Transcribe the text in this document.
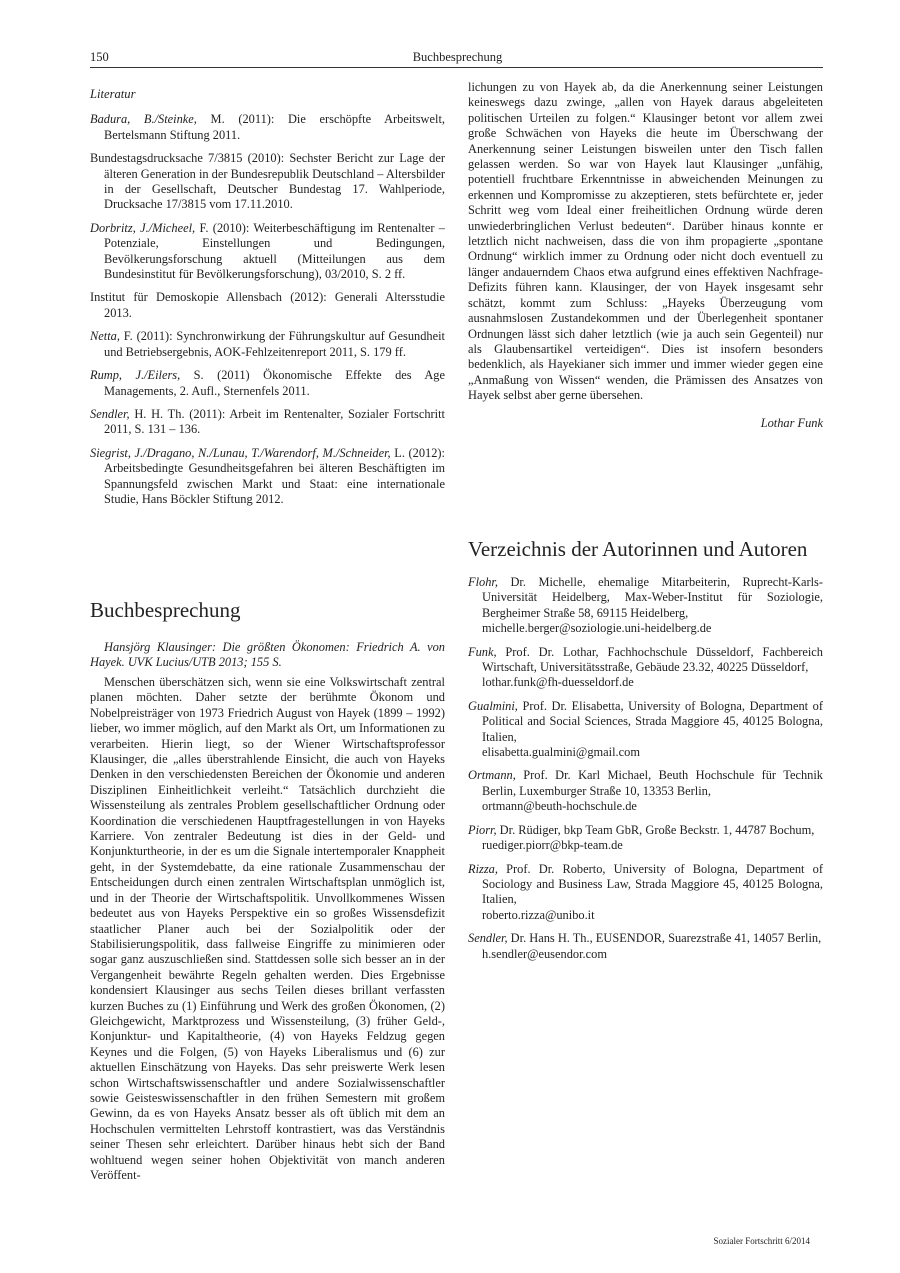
150	Buchbesprechung

Literatur

Badura, B./Steinke, M. (2011): Die erschöpfte Arbeitswelt, Bertelsmann Stiftung 2011.

Bundestagsdrucksache 7/3815 (2010): Sechster Bericht zur Lage der älteren Generation in der Bundesrepublik Deutschland – Altersbilder in der Gesellschaft, Deutscher Bundestag 17. Wahlperiode, Drucksache 17/3815 vom 17.11.2010.

Dorbritz, J./Micheel, F. (2010): Weiterbeschäftigung im Rentenalter – Potenziale, Einstellungen und Bedingungen, Bevölkerungsforschung aktuell (Mitteilungen aus dem Bundesinstitut für Bevölkerungsforschung), 03/2010, S. 2 ff.

Institut für Demoskopie Allensbach (2012): Generali Altersstudie 2013.

Netta, F. (2011): Synchronwirkung der Führungskultur auf Gesundheit und Betriebsergebnis, AOK-Fehlzeitenreport 2011, S. 179 ff.

Rump, J./Eilers, S. (2011) Ökonomische Effekte des Age Managements, 2. Aufl., Sternenfels 2011.

Sendler, H. H. Th. (2011): Arbeit im Rentenalter, Sozialer Fortschritt 2011, S. 131 – 136.

Siegrist, J./Dragano, N./Lunau, T./Warendorf, M./Schneider, L. (2012): Arbeitsbedingte Gesundheitsgefahren bei älteren Beschäftigten im Spannungsfeld zwischen Markt und Staat: eine internationale Studie, Hans Böckler Stiftung 2012.

Buchbesprechung

Hansjörg Klausinger: Die größten Ökonomen: Friedrich A. von Hayek. UVK Lucius/UTB 2013; 155 S.

Menschen überschätzen sich, wenn sie eine Volkswirtschaft zentral planen möchten. Daher setzte der berühmte Ökonom und Nobelpreisträger von 1973 Friedrich August von Hayek (1899 – 1992) lieber, wo immer möglich, auf den Markt als Ort, um Informationen zu verarbeiten. Hierin liegt, so der Wiener Wirtschaftsprofessor Klausinger, die „alles überstrahlende Einsicht, die auch von Hayeks Denken in den verschiedensten Bereichen der Ökonomie und anderen Disziplinen Einheitlichkeit verleiht.“ Tatsächlich durchzieht die Wissensteilung als zentrales Problem gesellschaftlicher Ordnung oder Koordination die verschiedenen Hauptfragestellungen in von Hayeks Karriere. Von zentraler Bedeutung ist dies in der Geld- und Konjunkturtheorie, in der es um die Signale intertemporaler Knappheit geht, in der Systemdebatte, da eine rationale Zusammenschau der Entscheidungen durch einen zentralen Wirtschaftsplan unmöglich ist, und in der Theorie der Wirtschaftspolitik. Unvollkommenes Wissen bedeutet aus von Hayeks Perspektive ein so großes Wissensdefizit staatlicher Planer auch bei der Sozialpolitik oder der Stabilisierungspolitik, dass fallweise Eingriffe zu minimieren oder sogar ganz auszuschließen sind. Stattdessen solle sich besser an in der Vergangenheit bewährte Regeln gehalten werden. Dies Ergebnisse kondensiert Klausinger aus sechs Teilen dieses brillant verfassten kurzen Buches zu (1) Einführung und Werk des großen Ökonomen, (2) Gleichgewicht, Marktprozess und Wissensteilung, (3) früher Geld-, Konjunktur- und Kapitaltheorie, (4) von Hayeks Feldzug gegen Keynes und die Folgen, (5) von Hayeks Liberalismus und (6) zur aktuellen Einschätzung von Hayeks. Das sehr preiswerte Werk lesen schon Wirtschaftswissenschaftler und andere Sozialwissenschaftler sowie Geisteswissenschaftler in den frühen Semestern mit großem Gewinn, da es von Hayeks Ansatz besser als oft üblich mit dem an Hochschulen vermittelten Lehrstoff kontrastiert, was das Verständnis seiner Thesen sehr erleichtert. Darüber hinaus hebt sich der Band wohltuend wegen seiner hohen Objektivität von manch anderen Veröffent-

lichungen zu von Hayek ab, da die Anerkennung seiner Leistungen keineswegs dazu zwinge, „allen von Hayek daraus abgeleiteten politischen Urteilen zu folgen.“ Klausinger betont vor allem zwei große Schwächen von Hayeks die heute im Überschwang der Anerkennung seiner Leistungen bisweilen unter den Tisch fallen gelassen werden. So war von Hayek laut Klausinger „unfähig, potentiell fruchtbare Erkenntnisse in abweichenden Meinungen zu erkennen und Kompromisse zu akzeptieren, stets befürchtete er, jeder Schritt weg vom Ideal einer freiheitlichen Ordnung würde deren unwiederbringlichen Verlust bedeuten“. Darüber hinaus konnte er letztlich nicht nachweisen, dass die von ihm propagierte „spontane Ordnung“ wirklich immer zu Ordnung oder nicht doch eventuell zu länger andauerndem Chaos etwa aufgrund eines effektiven Nachfrage-Defizits führen kann. Klausinger, der von Hayek insgesamt sehr schätzt, kommt zum Schluss: „Hayeks Überzeugung vom ausnahmslosen Zustandekommen und der Überlegenheit spontaner Ordnungen lässt sich daher letztlich (wie ja auch sein Gegenteil) nur als Glaubensartikel verteidigen“. Dies ist insofern besonders bedenklich, als Hayekianer sich immer und immer wieder gegen eine „Anmaßung von Wissen“ wenden, die Prämissen des Ansatzes von Hayek selbst aber gerne übersehen.

Lothar Funk

Verzeichnis der Autorinnen und Autoren

Flohr, Dr. Michelle, ehemalige Mitarbeiterin, Ruprecht-Karls-Universität Heidelberg, Max-Weber-Institut für Soziologie, Bergheimer Straße 58, 69115 Heidelberg,
michelle.berger@soziologie.uni-heidelberg.de

Funk, Prof. Dr. Lothar, Fachhochschule Düsseldorf, Fachbereich Wirtschaft, Universitätsstraße, Gebäude 23.32, 40225 Düsseldorf,
lothar.funk@fh-duesseldorf.de

Gualmini, Prof. Dr. Elisabetta, University of Bologna, Department of Political and Social Sciences, Strada Maggiore 45, 40125 Bologna, Italien,
elisabetta.gualmini@gmail.com

Ortmann, Prof. Dr. Karl Michael, Beuth Hochschule für Technik Berlin, Luxemburger Straße 10, 13353 Berlin,
ortmann@beuth-hochschule.de

Piorr, Dr. Rüdiger, bkp Team GbR, Große Beckstr. 1, 44787 Bochum,
ruediger.piorr@bkp-team.de

Rizza, Prof. Dr. Roberto, University of Bologna, Department of Sociology and Business Law, Strada Maggiore 45, 40125 Bologna, Italien,
roberto.rizza@unibo.it

Sendler, Dr. Hans H. Th., EUSENDOR, Suarezstraße 41, 14057 Berlin,
h.sendler@eusendor.com

Sozialer Fortschritt 6/2014
